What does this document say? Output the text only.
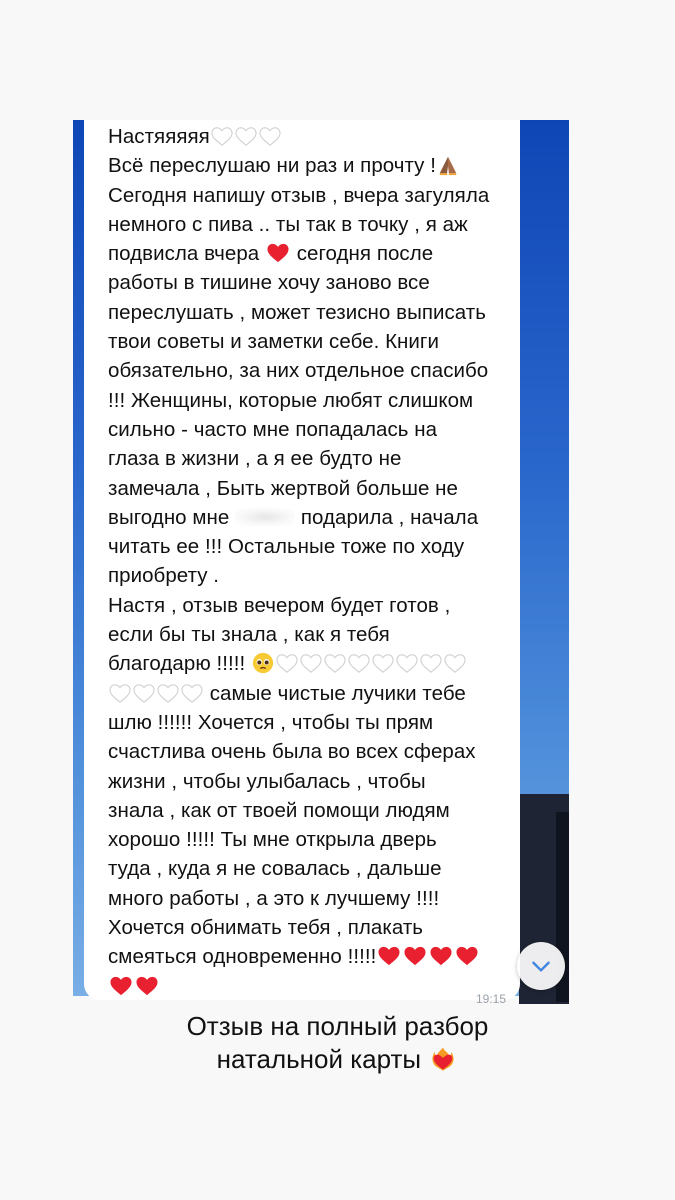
Настяяяяя
Всё переслушаю ни раз и прочту !
Сегодня напишу отзыв , вчера загуляла
немного с пива .. ты так в точку , я аж
подвисла вчера сегодня после
работы в тишине хочу заново все
переслушать , может тезисно выписать
твои советы и заметки себе. Книги
обязательно, за них отдельное спасибо
!!! Женщины, которые любят слишком
сильно - часто мне попадалась на
глаза в жизни , а я ее будто не
замечала , Быть жертвой больше не
выгодно мне	подарила , начала
читать ее !!! Остальные тоже по ходу
приобрету .
Настя , отзыв вечером будет готов ,
если бы ты знала , как я тебя
благодарю !!!!!
самые чистые лучики тебе
шлю !!!!!! Хочется , чтобы ты прям
счастлива очень была во всех сферах
жизни , чтобы улыбалась , чтобы
знала , как от твоей помощи людям
хорошо !!!!! Ты мне открыла дверь
туда , куда я не совалась , дальше
много работы , а это к лучшему !!!!
Хочется обнимать тебя , плакать
смеяться одновременно !!!!!
19:15
Отзыв на полный разбор
натальной карты
